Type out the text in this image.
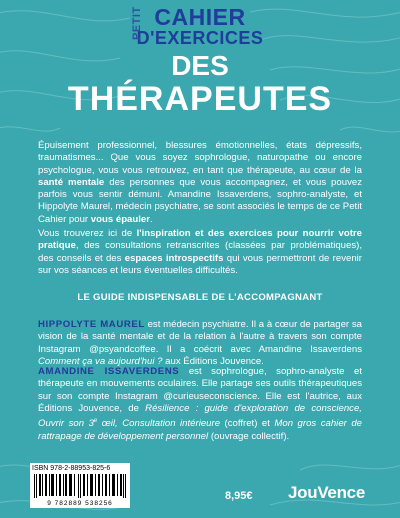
CAHIER
D'EXERCICES
DES
THÉRAPEUTES
PETIT
Épuisement professionnel, blessures émotionnelles, états dépressifs, traumatismes... Que vous soyez sophrologue, naturopathe ou encore psychologue, vous vous retrouvez, en tant que thérapeute, au cœur de la santé mentale des personnes que vous accompagnez, et vous pouvez parfois vous sentir démuni. Amandine Issaverdens, sophro-analyste, et Hippolyte Maurel, médecin psychiatre, se sont associés le temps de ce Petit Cahier pour vous épauler.
Vous trouverez ici de l'inspiration et des exercices pour nourrir votre pratique, des consultations retranscrites (classées par problématiques), des conseils et des espaces introspectifs qui vous permettront de revenir sur vos séances et leurs éventuelles difficultés.
LE GUIDE INDISPENSABLE DE L'ACCOMPAGNANT
HIPPOLYTE MAUREL est médecin psychiatre. Il a à cœur de partager sa vision de la santé mentale et de la relation à l'autre à travers son compte Instagram @psyandcoffee. Il a coécrit avec Amandine Issaverdens Comment ça va aujourd'hui ? aux Éditions Jouvence.
AMANDINE ISSAVERDENS est sophrologue, sophro-analyste et thérapeute en mouvements oculaires. Elle partage ses outils thérapeutiques sur son compte Instagram @curieuseconscience. Elle est l'autrice, aux Éditions Jouvence, de Résilience : guide d'exploration de conscience, Ouvrir son 3e œil, Consultation intérieure (coffret) et Mon gros cahier de rattrapage de développement personnel (ouvrage collectif).
ISBN 978-2-88953-825-6
9 782889 538256
8,95€ JouVence
